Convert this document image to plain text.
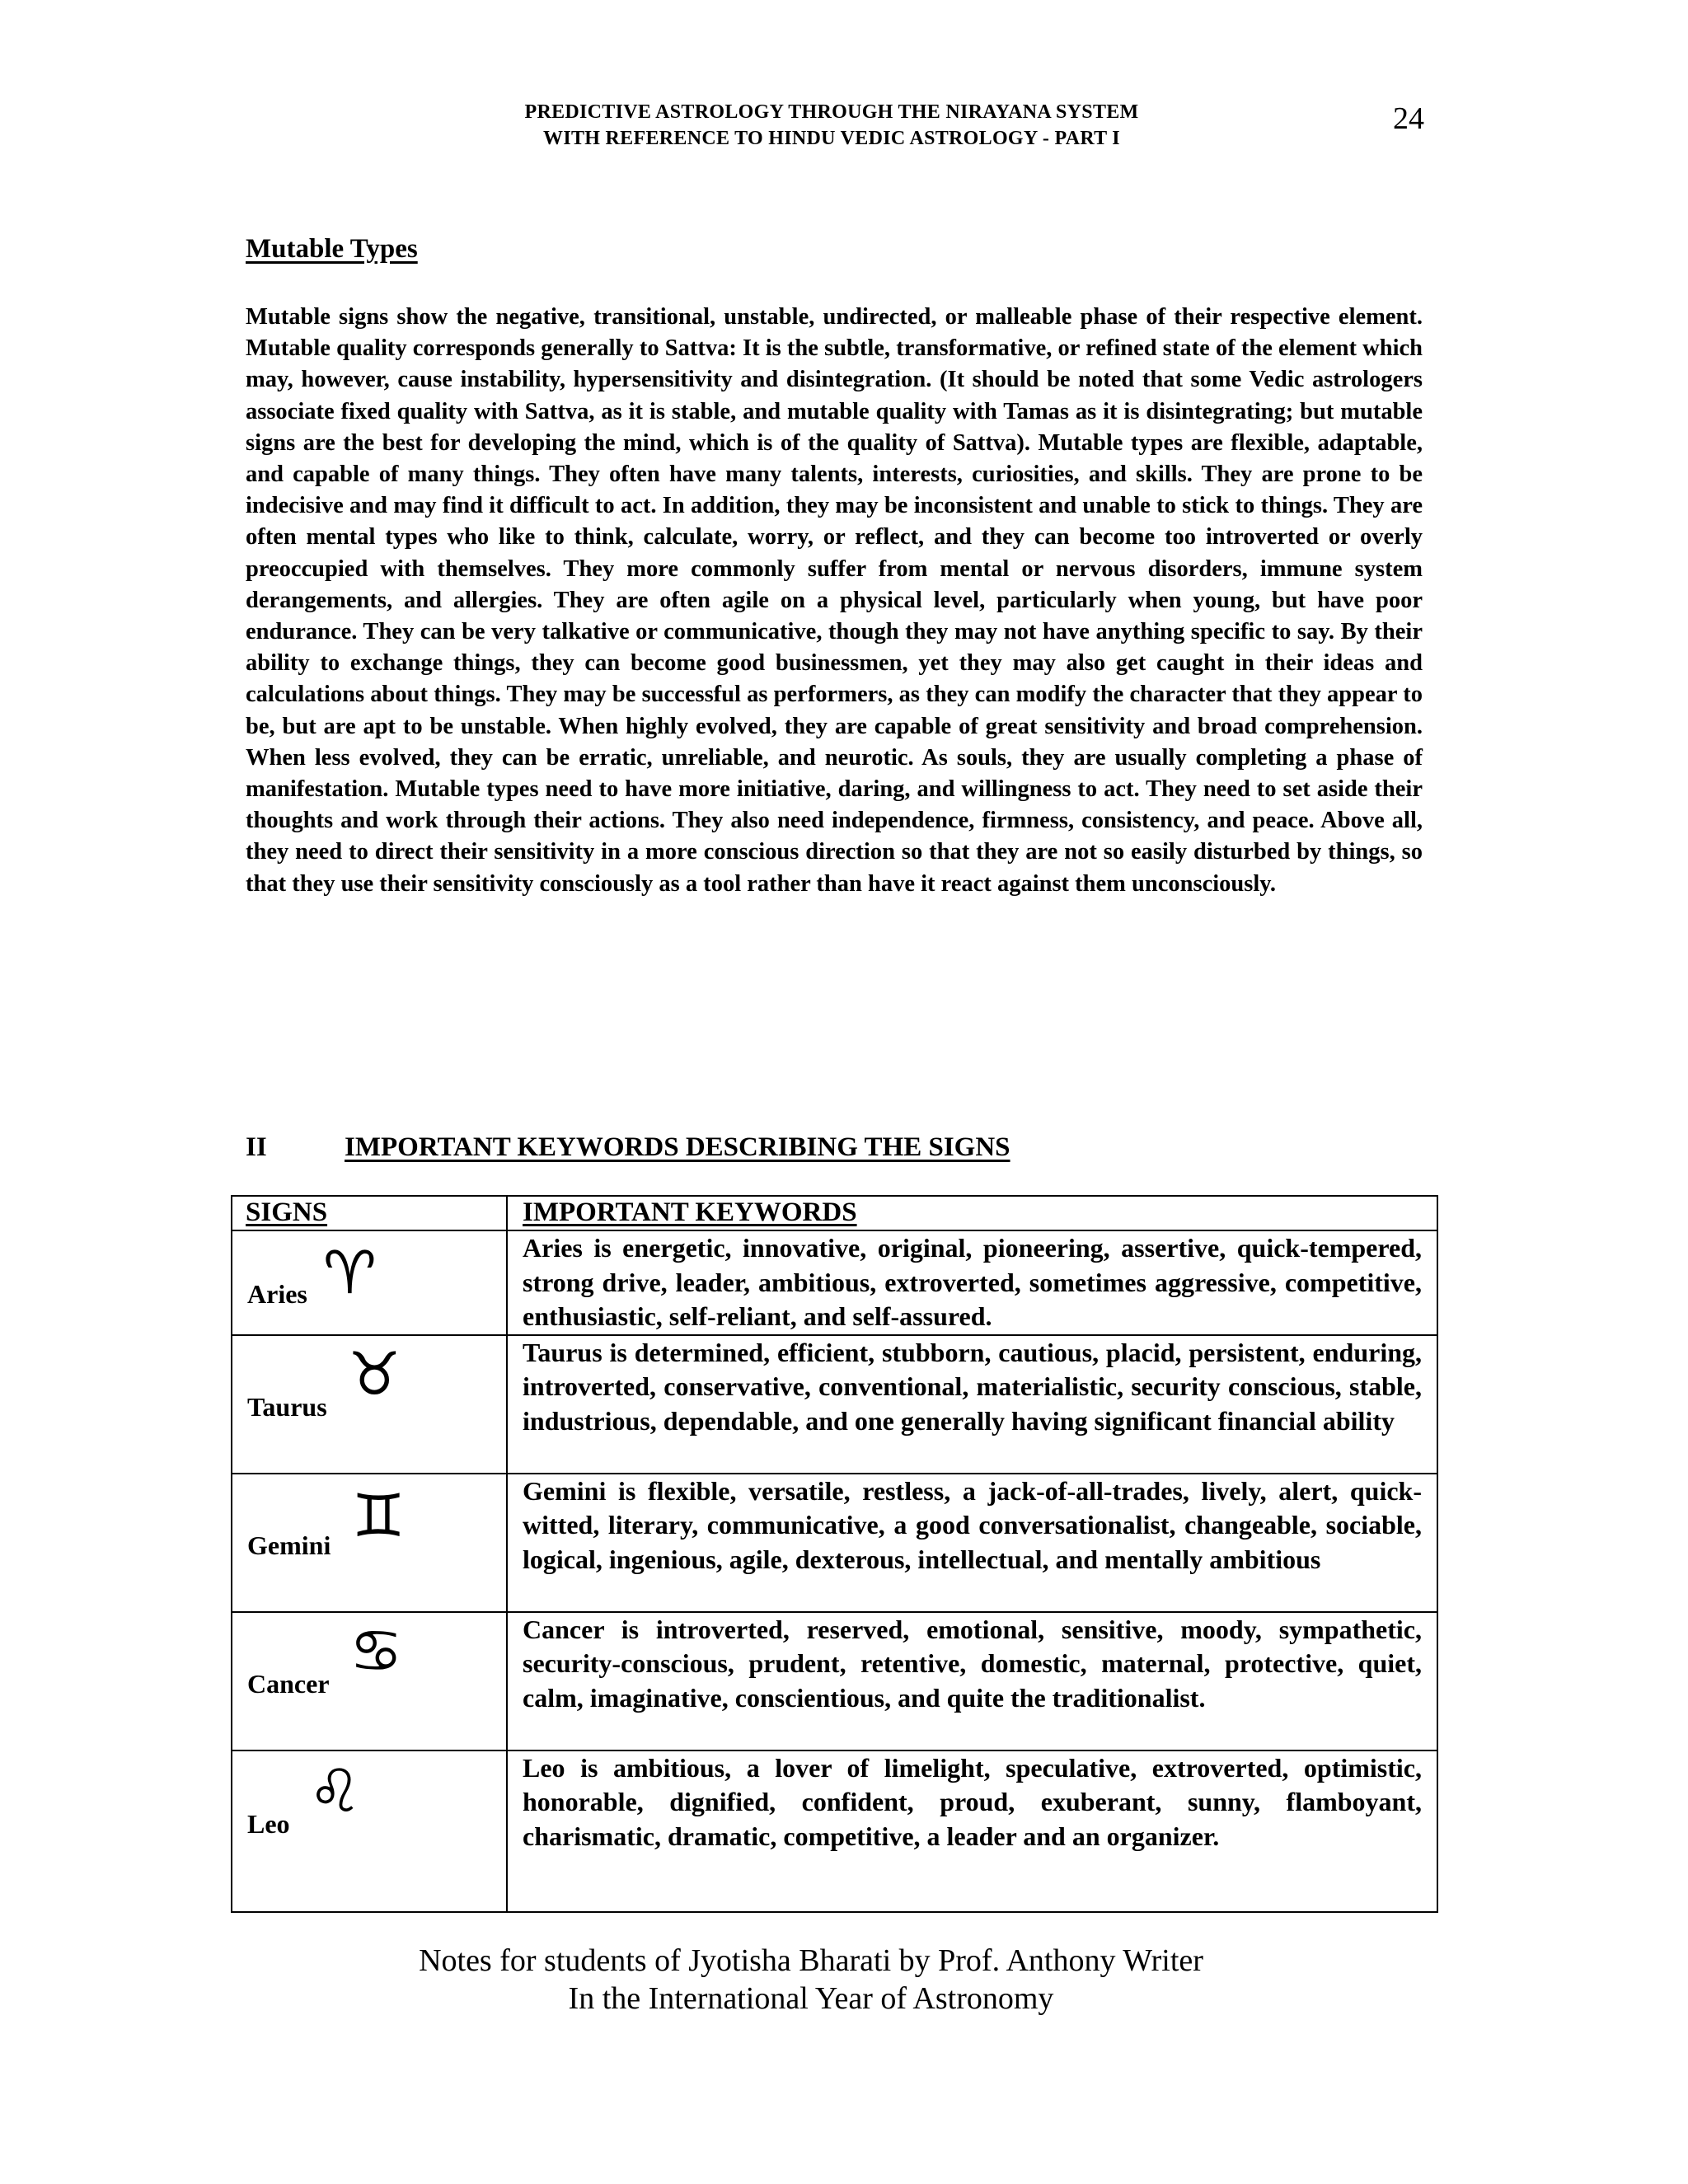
PREDICTIVE ASTROLOGY THROUGH THE NIRAYANA SYSTEM
WITH REFERENCE TO HINDU VEDIC ASTROLOGY - PART I
24
Mutable Types

Mutable signs show the negative, transitional, unstable, undirected, or malleable phase of their respective element. Mutable quality corresponds generally to Sattva: It is the subtle, transformative, or refined state of the element which may, however, cause instability, hypersensitivity and disintegration. (It should be noted that some Vedic astrologers associate fixed quality with Sattva, as it is stable, and mutable quality with Tamas as it is disintegrating; but mutable signs are the best for developing the mind, which is of the quality of Sattva). Mutable types are flexible, adaptable, and capable of many things. They often have many talents, interests, curiosities, and skills. They are prone to be indecisive and may find it difficult to act. In addition, they may be inconsistent and unable to stick to things. They are often mental types who like to think, calculate, worry, or reflect, and they can become too introverted or overly preoccupied with themselves. They more commonly suffer from mental or nervous disorders, immune system derangements, and allergies. They are often agile on a physical level, particularly when young, but have poor endurance. They can be very talkative or communicative, though they may not have anything specific to say. By their ability to exchange things, they can become good businessmen, yet they may also get caught in their ideas and calculations about things. They may be successful as performers, as they can modify the character that they appear to be, but are apt to be unstable. When highly evolved, they are capable of great sensitivity and broad comprehension. When less evolved, they can be erratic, unreliable, and neurotic. As souls, they are usually completing a phase of manifestation. Mutable types need to have more initiative, daring, and willingness to act. They need to set aside their thoughts and work through their actions. They also need independence, firmness, consistency, and peace. Above all, they need to direct their sensitivity in a more conscious direction so that they are not so easily disturbed by things, so that they use their sensitivity consciously as a tool rather than have it react against them unconsciously.

II	IMPORTANT KEYWORDS DESCRIBING THE SIGNS
SIGNS	IMPORTANT KEYWORDS

Aries ♈︎	Aries is energetic, innovative, original, pioneering, assertive, quick-tempered, strong drive, leader, ambitious, extroverted, sometimes aggressive, competitive, enthusiastic, self-reliant, and self-assured.

Taurus ♉︎	Taurus is determined, efficient, stubborn, cautious, placid, persistent, enduring, introverted, conservative, conventional, materialistic, security conscious, stable, industrious, dependable, and one generally having significant financial ability

Gemini ♊︎	Gemini is flexible, versatile, restless, a jack-of-all-trades, lively, alert, quick-witted, literary, communicative, a good conversationalist, changeable, sociable, logical, ingenious, agile, dexterous, intellectual, and mentally ambitious

Cancer ♋︎	Cancer is introverted, reserved, emotional, sensitive, moody, sympathetic, security-conscious, prudent, retentive, domestic, maternal, protective, quiet, calm, imaginative, conscientious, and quite the traditionalist.

Leo ♌︎	Leo is ambitious, a lover of limelight, speculative, extroverted, optimistic, honorable, dignified, confident, proud, exuberant, sunny, flamboyant, charismatic, dramatic, competitive, a leader and an organizer.
Notes for students of Jyotisha Bharati by Prof. Anthony Writer
In the International Year of Astronomy
